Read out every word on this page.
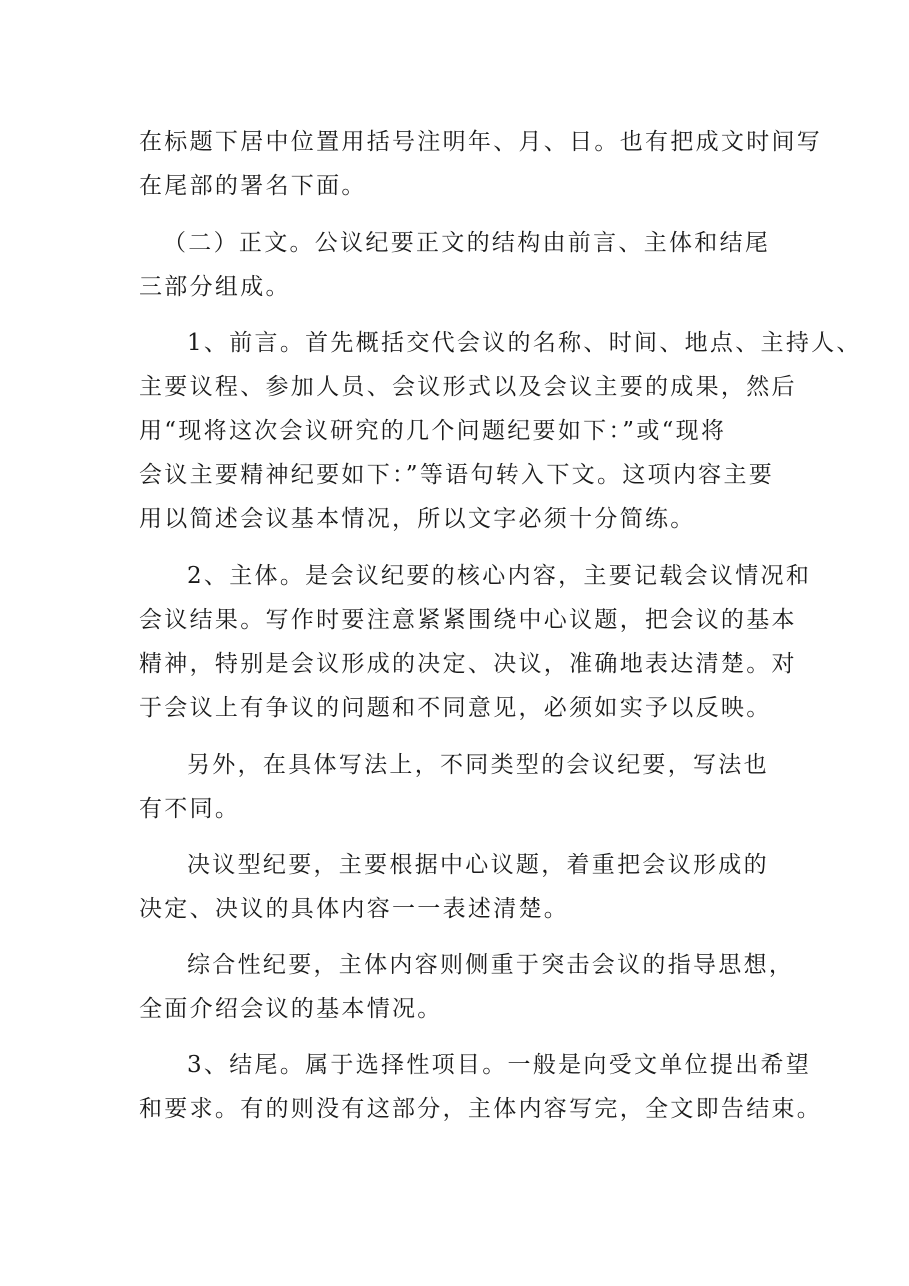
在标题下居中位置用括号注明年、月、日。也有把成文时间写
在尾部的署名下面。
（二）正文。公议纪要正文的结构由前言、主体和结尾
三部分组成。
1、前言。首先概括交代会议的名称、时间、地点、主持人、
主要议程、参加人员、会议形式以及会议主要的成果，然后
用“现将这次会议研究的几个问题纪要如下：”或“现将
会议主要精神纪要如下：”等语句转入下文。这项内容主要
用以简述会议基本情况，所以文字必须十分简练。
2、主体。是会议纪要的核心内容，主要记载会议情况和
会议结果。写作时要注意紧紧围绕中心议题，把会议的基本
精神，特别是会议形成的决定、决议，准确地表达清楚。对
于会议上有争议的问题和不同意见，必须如实予以反映。
另外，在具体写法上，不同类型的会议纪要，写法也
有不同。
决议型纪要，主要根据中心议题，着重把会议形成的
决定、决议的具体内容一一表述清楚。
综合性纪要，主体内容则侧重于突击会议的指导思想，
全面介绍会议的基本情况。
3、结尾。属于选择性项目。一般是向受文单位提出希望
和要求。有的则没有这部分，主体内容写完，全文即告结束。
